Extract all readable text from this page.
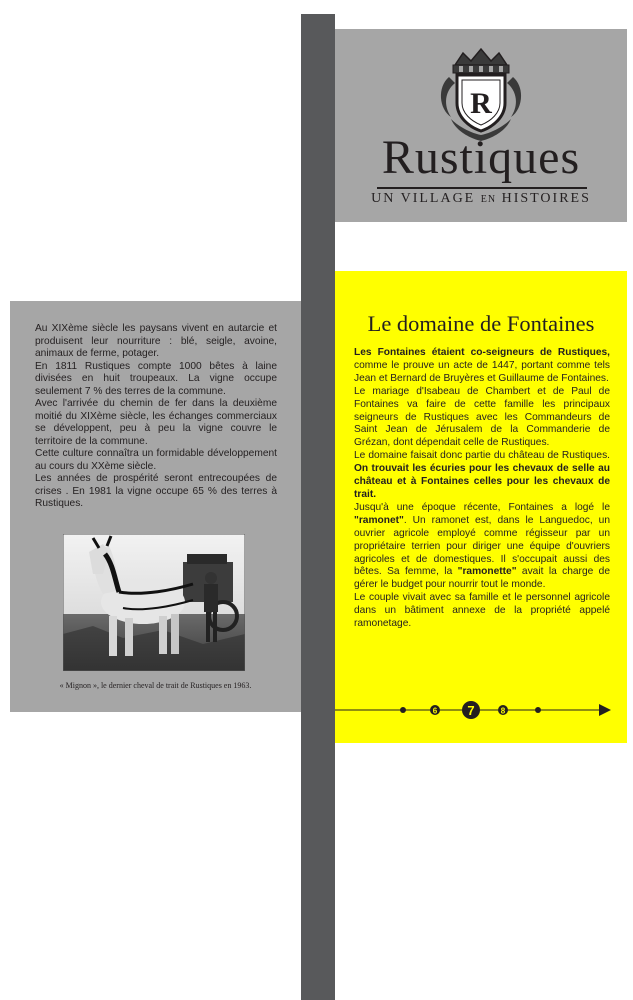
R
Rustiques
UN VILLAGE EN HISTOIRES

Au XIXème siècle les paysans vivent en autarcie et produisent leur nourriture : blé, seigle, avoine, animaux de ferme, potager.

En 1811 Rustiques compte 1000 bêtes à laine divisées en huit troupeaux. La vigne occupe seulement 7 % des terres de la commune.

Avec l'arrivée du chemin de fer dans la deuxième moitié du XIXème siècle, les échanges commerciaux se développent, peu à peu la vigne couvre le territoire de la commune.

Cette culture connaîtra un formidable développement au cours du XXème siècle.

Les années de prospérité seront entrecoupées de crises . En 1981 la vigne occupe 65 % des terres à Rustiques.

« Mignon », le dernier cheval de trait de Rustiques en 1963.
Le domaine de Fontaines

Les Fontaines étaient co-seigneurs de Rustiques, comme le prouve un acte de 1447, portant comme tels Jean et Bernard de Bruyères et Guillaume de Fontaines.

Le mariage d'Isabeau de Chambert et de Paul de Fontaines va faire de cette famille les principaux seigneurs de Rustiques avec les Commandeurs de Saint Jean de Jérusalem de la Commanderie de Grézan, dont dépendait celle de Rustiques.

Le domaine faisait donc partie du château de Rustiques. On trouvait les écuries pour les chevaux de selle au château et à Fontaines celles pour les chevaux de trait.

Jusqu'à une époque récente, Fontaines a logé le "ramonet". Un ramonet est, dans le Languedoc, un ouvrier agricole employé comme régisseur par un propriétaire terrien pour diriger une équipe d'ouvriers agricoles et de domestiques. Il s'occupait aussi des bêtes. Sa femme, la "ramonette" avait la charge de gérer le budget pour nourrir tout le monde.

Le couple vivait avec sa famille et le personnel agricole dans un bâtiment annexe de la propriété appelé ramonetage.

6 7	8
